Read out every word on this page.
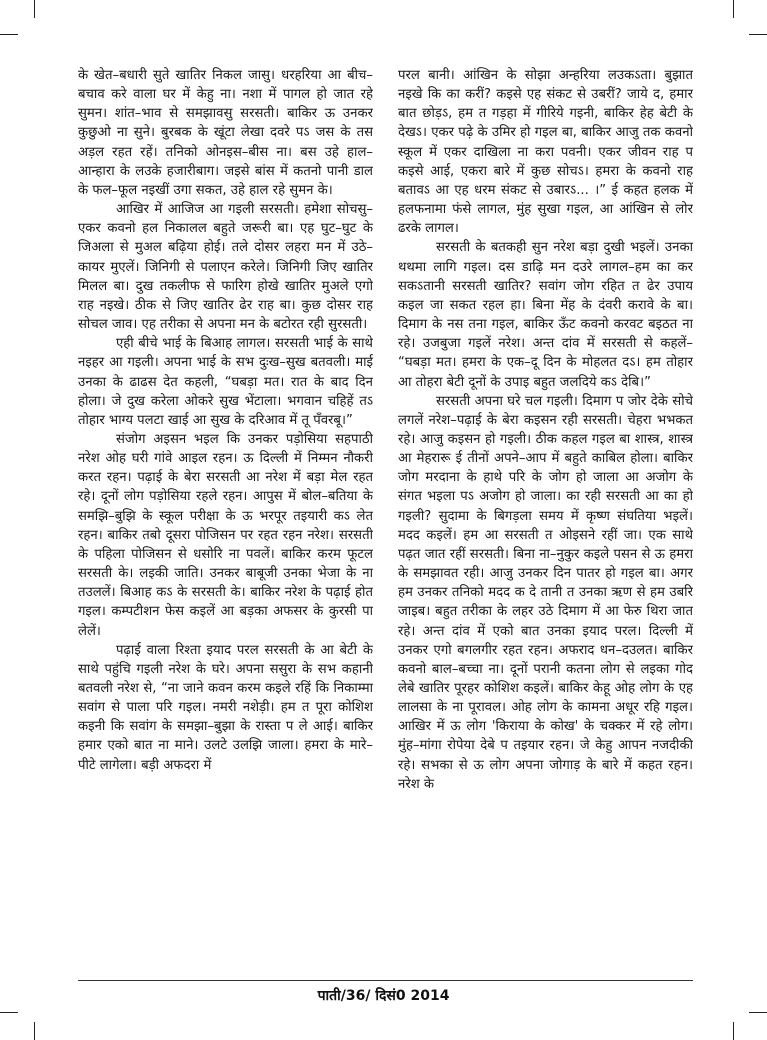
के खेत–बधारी सुते खातिर निकल जासु। धरहरिया आ बीच–बचाव करे वाला घर में केहु ना। नशा में पागल हो जात रहे सुमन। शांत–भाव से समझावसु सरसती। बाकिर ऊ उनकर कुछुओ ना सुने। बुरबक के खूंटा लेखा दवरे पऽ जस के तस अड़ल रहत रहें। तनिको ओनइस–बीस ना। बस उहे हाल– आन्हारा के लउके हजारीबाग। जइसे बांस में कतनो पानी डाल के फल–फूल नइखीं उगा सकत, उहे हाल रहे सुमन के।

आखिर में आजिज आ गइली सरसती। हमेशा सोचसु– एकर कवनो हल निकालल बहुते जरूरी बा। एह घुट–घुट के जिअला से मुअल बढ़िया होई। तले दोसर लहरा मन में उठे–कायर मुएलें। जिनिगी से पलाएन करेले। जिनिगी जिए खातिर मिलल बा। दुख तकलीफ से फारिग होखे खातिर मुअले एगो राह नइखे। ठीक से जिए खातिर ढेर राह बा। कुछ दोसर राह सोचल जाव। एह तरीका से अपना मन के बटोरत रही सुरसती।

एही बीचे भाई के बिआह लागल। सरसती भाई के साथे नइहर आ गइली। अपना भाई के सभ दुःख–सुख बतवली। माई उनका के ढाढस देत कहली, “घबड़ा मत। रात के बाद दिन होला। जे दुख करेला ओकरे सुख भेंटाला। भगवान चहिहें तऽ तोहार भाग्य पलटा खाई आ सुख के दरिआव में तू पँवरबू।”

संजोग अइसन भइल कि उनकर पड़ोसिया सहपाठी नरेश ओह घरी गांवे आइल रहन। ऊ दिल्ली में निम्मन नौकरी करत रहन। पढ़ाई के बेरा सरसती आ नरेश में बड़ा मेल रहत रहे। दूनों लोग पड़ोसिया रहले रहन। आपुस में बोल–बतिया के समझि–बुझि के स्कूल परीक्षा के ऊ भरपूर तइयारी कऽ लेत रहन। बाकिर तबो दूसरा पोजिसन पर रहत रहन नरेश। सरसती के पहिला पोजिसन से धसोरि ना पवलें। बाकिर करम फूटल सरसती के। लइकी जाति। उनकर बाबूजी उनका भेजा के ना तउललें। बिआह कऽ के सरसती के। बाकिर नरेश के पढ़ाई होत गइल। कम्पटीशन फेस कइलें आ बड़का अफसर के कुरसी पा लेलें।

पढ़ाई वाला रिश्ता इयाद परल सरसती के आ बेटी के साथे पहुंचि गइली नरेश के घरे। अपना ससुरा के सभ कहानी बतवली नरेश से, “ना जाने कवन करम कइले रहिं कि निकाम्मा सवांग से पाला परि गइल। नमरी नशेड़ी। हम त पूरा कोशिश कइनी कि सवांग के समझा–बुझा के रास्ता प ले आई। बाकिर हमार एको बात ना माने। उलटे उलझि जाला। हमरा के मारे–पीटे लागेला। बड़ी अफदरा में

परल बानी। आंखिन के सोझा अन्हरिया लउकऽता। बुझात नइखे कि का करीं? कइसे एह संकट से उबरीं? जाये द, हमार बात छोड़ऽ, हम त गड़हा में गीरिये गइनी, बाकिर हेह बेटी के देखऽ। एकर पढ़े के उमिर हो गइल बा, बाकिर आजु तक कवनो स्कूल में एकर दाखिला ना करा पवनी। एकर जीवन राह प कइसे आई, एकरा बारे में कुछ सोचऽ। हमरा के कवनो राह बतावऽ आ एह धरम संकट से उबारऽ... ।” ई कहत हलक में हलफनामा फंसे लागल, मुंह सुखा गइल, आ आंखिन से लोर ढरके लागल।

सरसती के बतकही सुन नरेश बड़ा दुखी भइलें। उनका थथमा लागि गइल। दस डाढ़ि मन दउरे लागल–हम का कर सकऽतानी सरसती खातिर? सवांग जोग रहित त ढेर उपाय कइल जा सकत रहल हा। बिना मेंह के दंवरी करावे के बा। दिमाग के नस तना गइल, बाकिर ऊँट कवनो करवट बइठत ना रहे। उजबुजा गइलें नरेश। अन्त दांव में सरसती से कहलें– “घबड़ा मत। हमरा के एक–दू दिन के मोहलत दऽ। हम तोहार आ तोहरा बेटी दूनों के उपाइ बहुत जलदिये कऽ देबि।”

सरसती अपना घरे चल गइली। दिमाग प जोर देके सोचे लगलें नरेश–पढ़ाई के बेरा कइसन रही सरसती। चेहरा भभकत रहे। आजु कइसन हो गइली। ठीक कहल गइल बा शास्त्र, शास्त्र आ मेहरारू ई तीनों अपने–आप में बहुते काबिल होला। बाकिर जोग मरदाना के हाथे परि के जोग हो जाला आ अजोग के संगत भइला पऽ अजोग हो जाला। का रही सरसती आ का हो गइली? सुदामा के बिगड़ला समय में कृष्ण संघतिया भइलें। मदद कइलें। हम आ सरसती त ओइसने रहीं जा। एक साथे पढ़त जात रहीं सरसती। बिना ना–नुकुर कइले पसन से ऊ हमरा के समझावत रही। आजु उनकर दिन पातर हो गइल बा। अगर हम उनकर तनिको मदद क दे तानी त उनका ऋण से हम उबरि जाइब। बहुत तरीका के लहर उठे दिमाग में आ फेरु थिरा जात रहे। अन्त दांव में एको बात उनका इयाद परल। दिल्ली में उनकर एगो बगलगीर रहत रहन। अफराद धन–दउलत। बाकिर कवनो बाल–बच्चा ना। दूनों परानी कतना लोग से लइका गोद लेबे खातिर पूरहर कोशिश कइलें। बाकिर केहू ओह लोग के एह लालसा के ना पूरावल। ओह लोग के कामना अधूर रहि गइल। आखिर में ऊ लोग 'किराया के कोख' के चक्कर में रहे लोग। मुंह–मांगा रोपेया देबे प तइयार रहन। जे केहु आपन नजदीकी रहे। सभका से ऊ लोग अपना जोगाड़ के बारे में कहत रहन। नरेश के

पाती/36/ दिसं0 2014
